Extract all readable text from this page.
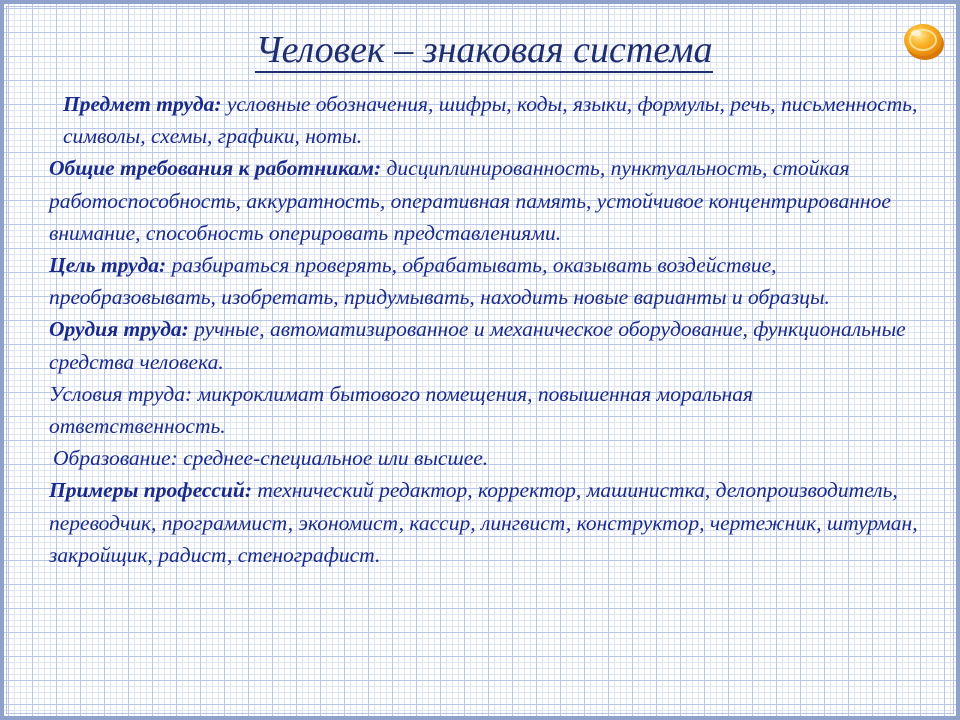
Человек – знаковая система

Предмет труда: условные обозначения, шифры, коды, языки, формулы, речь, письменность, символы, схемы, графики, ноты.

Общие требования к работникам: дисциплинированность, пунктуальность, стойкая работоспособность, аккуратность, оперативная память, устойчивое концентрированное внимание, способность оперировать представлениями.

Цель труда: разбираться проверять, обрабатывать, оказывать воздействие, преобразовывать, изобретать, придумывать, находить новые варианты и образцы.

Орудия труда: ручные, автоматизированное и механическое оборудование, функциональные средства человека.

Условия труда: микроклимат бытового помещения, повышенная моральная ответственность.

Образование: среднее-специальное или высшее.

Примеры профессий: технический редактор, корректор, машинистка, делопроизводитель, переводчик, программист, экономист, кассир, лингвист, конструктор, чертежник, штурман, закройщик, радист, стенографист.
